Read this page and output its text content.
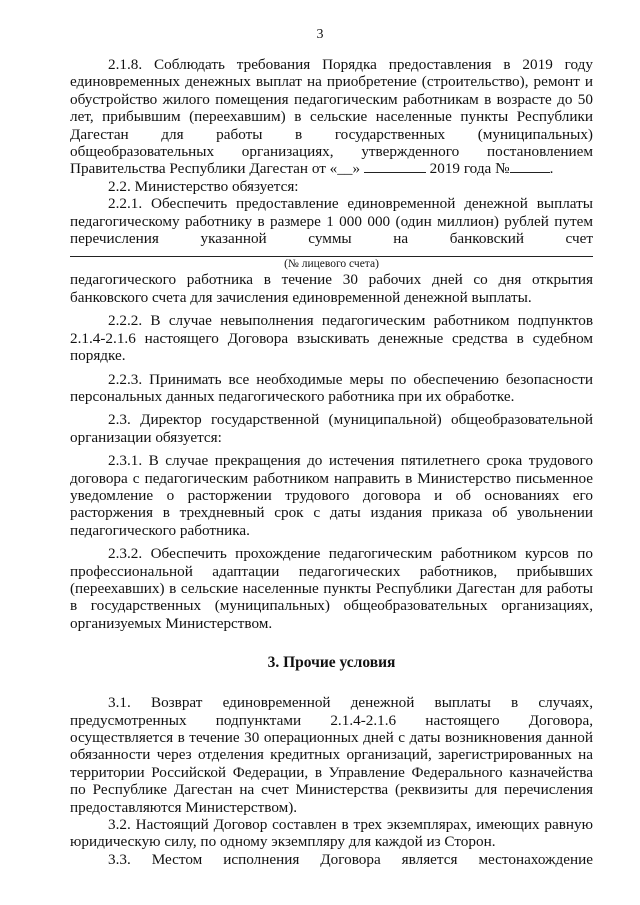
3

2.1.8. Соблюдать требования Порядка предоставления в 2019 году единовременных денежных выплат на приобретение (строительство), ремонт и обустройство жилого помещения педагогическим работникам в возрасте до 50 лет, прибывшим (переехавшим) в сельские населенные пункты Республики Дагестан для работы в государственных (муниципальных) общеобразовательных организациях, утвержденного постановлением Правительства Республики Дагестан от «__»	2019 года №	.

2.2. Министерство обязуется:

2.2.1. Обеспечить предоставление единовременной денежной выплаты педагогическому работнику в размере 1 000 000 (один миллион) рублей путем перечисления указанной суммы на банковский счет

(№ лицевого счета)

педагогического работника в течение 30 рабочих дней со дня открытия банковского счета для зачисления единовременной денежной выплаты.

2.2.2. В случае невыполнения педагогическим работником подпунктов 2.1.4-2.1.6 настоящего Договора взыскивать денежные средства в судебном порядке.

2.2.3. Принимать все необходимые меры по обеспечению безопасности персональных данных педагогического работника при их обработке.

2.3. Директор государственной (муниципальной) общеобразовательной организации обязуется:

2.3.1. В случае прекращения до истечения пятилетнего срока трудового договора с педагогическим работником направить в Министерство письменное уведомление о расторжении трудового договора и об основаниях его расторжения в трехдневный срок с даты издания приказа об увольнении педагогического работника.

2.3.2. Обеспечить прохождение педагогическим работником курсов по профессиональной адаптации педагогических работников, прибывших (переехавших) в сельские населенные пункты Республики Дагестан для работы в государственных (муниципальных) общеобразовательных организациях, организуемых Министерством.

3. Прочие условия

3.1. Возврат единовременной денежной выплаты в случаях, предусмотренных подпунктами 2.1.4-2.1.6 настоящего Договора, осуществляется в течение 30 операционных дней с даты возникновения данной обязанности через отделения кредитных организаций, зарегистрированных на территории Российской Федерации, в Управление Федерального казначейства по Республике Дагестан на счет Министерства (реквизиты для перечисления предоставляются Министерством).

3.2. Настоящий Договор составлен в трех экземплярах, имеющих равную юридическую силу, по одному экземпляру для каждой из Сторон.

3.3. Местом исполнения Договора является местонахождение
